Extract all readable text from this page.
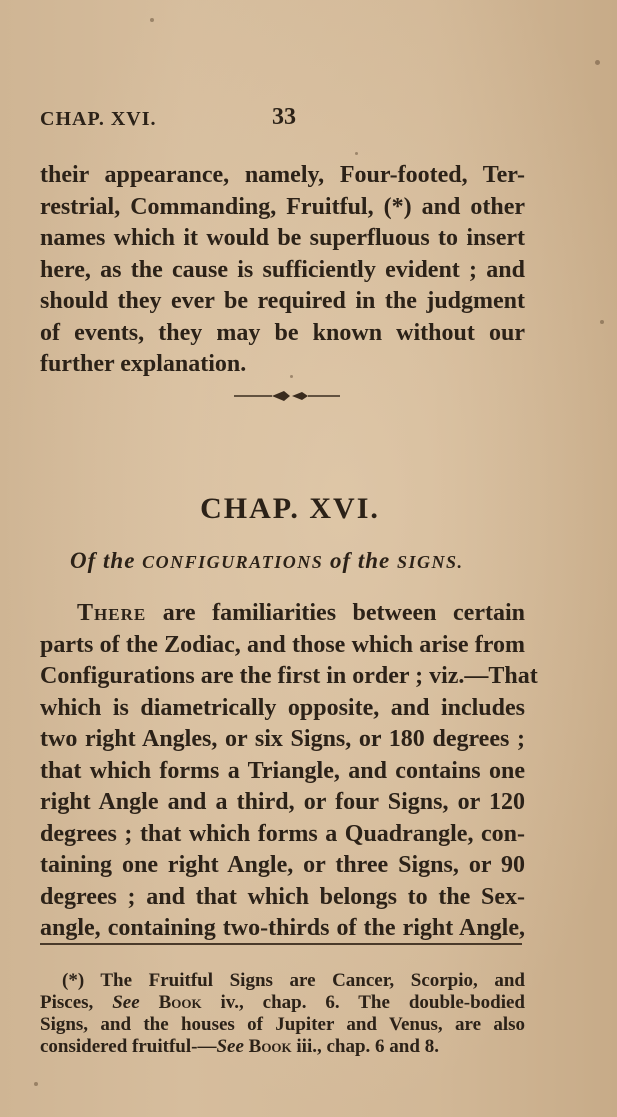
CHAP. XVI.	33
their appearance, namely, Four-footed, Ter-
restrial, Commanding, Fruitful, (*) and other
names which it would be superfluous to insert
here, as the cause is sufficiently evident ; and
should they ever be required in the judgment
of events, they may be known without our
further explanation.
CHAP. XVI.
Of the CONFIGURATIONS of the SIGNS.
There are familiarities between certain
parts of the Zodiac, and those which arise from
Configurations are the first in order ; viz.—That
which is diametrically opposite, and includes
two right Angles, or six Signs, or 180 degrees ;
that which forms a Triangle, and contains one
right Angle and a third, or four Signs, or 120
degrees ; that which forms a Quadrangle, con-
taining one right Angle, or three Signs, or 90
degrees ; and that which belongs to the Sex-
angle, containing two-thirds of the right Angle,
(*) The Fruitful Signs are Cancer, Scorpio, and
Pisces, See Book iv., chap. 6. The double-bodied
Signs, and the houses of Jupiter and Venus, are also
considered fruitful-—See Book iii., chap. 6 and 8.
